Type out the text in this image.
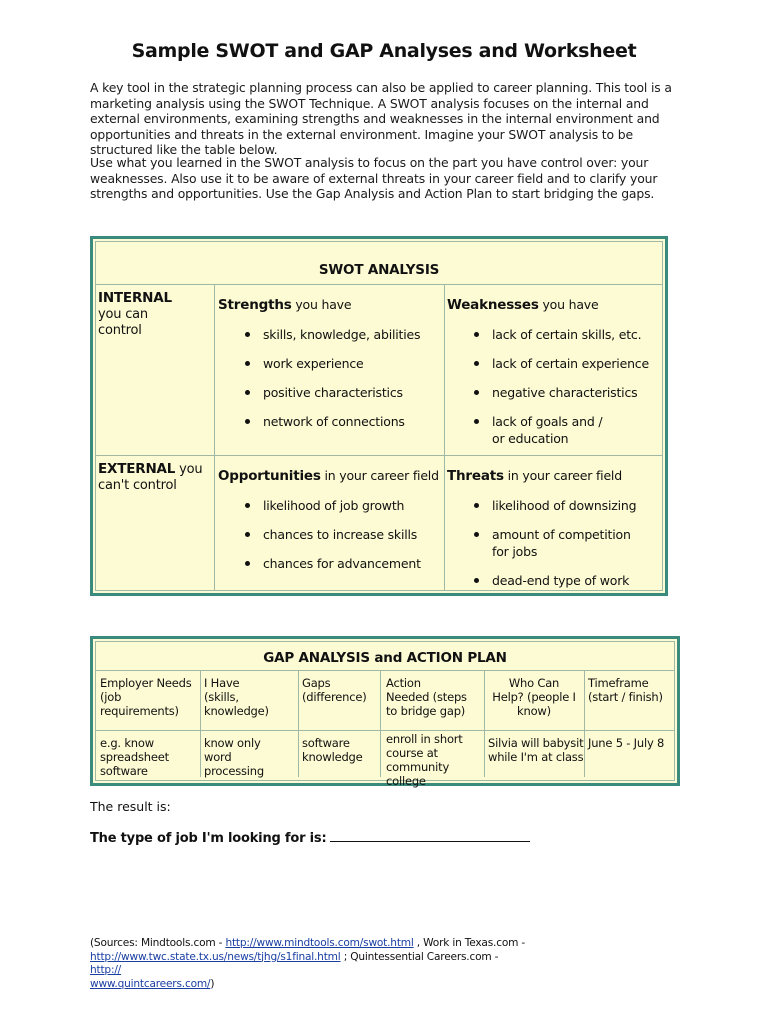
Sample SWOT and GAP Analyses and Worksheet

A key tool in the strategic planning process can also be applied to career planning. This tool is a marketing analysis using the SWOT Technique. A SWOT analysis focuses on the internal and external environments, examining strengths and weaknesses in the internal environment and opportunities and threats in the external environment. Imagine your SWOT analysis to be structured like the table below.

Use what you learned in the SWOT analysis to focus on the part you have control over: your weaknesses. Also use it to be aware of external threats in your career field and to clarify your strengths and opportunities. Use the Gap Analysis and Action Plan to start bridging the gaps.

SWOT ANALYSIS
INTERNAL
you can control
Strengths you have
skills, knowledge, abilities
work experience
positive characteristics
network of connections
Weaknesses you have
lack of certain skills, etc.
lack of certain experience
negative characteristics
lack of goals and /
or education
EXTERNAL you
can't control
Opportunities in your career field
likelihood of job growth
chances to increase skills
chances for advancement
Threats in your career field
likelihood of downsizing
amount of competition
for jobs
dead-end type of work
GAP ANALYSIS and ACTION PLAN
Employer Needs
(job
requirements)
I Have
(skills,
knowledge)
Gaps
(difference)
Action
Needed (steps
to bridge gap)
Who Can
Help? (people I
know)
Timeframe
(start / finish)
e.g. know
spreadsheet
software
know only
word
processing
software
knowledge
enroll in short
course at
community college
Silvia will babysit
while I'm at class
June 5 - July 8
The result is:
The type of job I'm looking for is:
(Sources: Mindtools.com - http://www.mindtools.com/swot.html , Work in Texas.com -
http://www.twc.state.tx.us/news/tjhg/s1final.html ; Quintessential Careers.com - http://
www.quintcareers.com/)
